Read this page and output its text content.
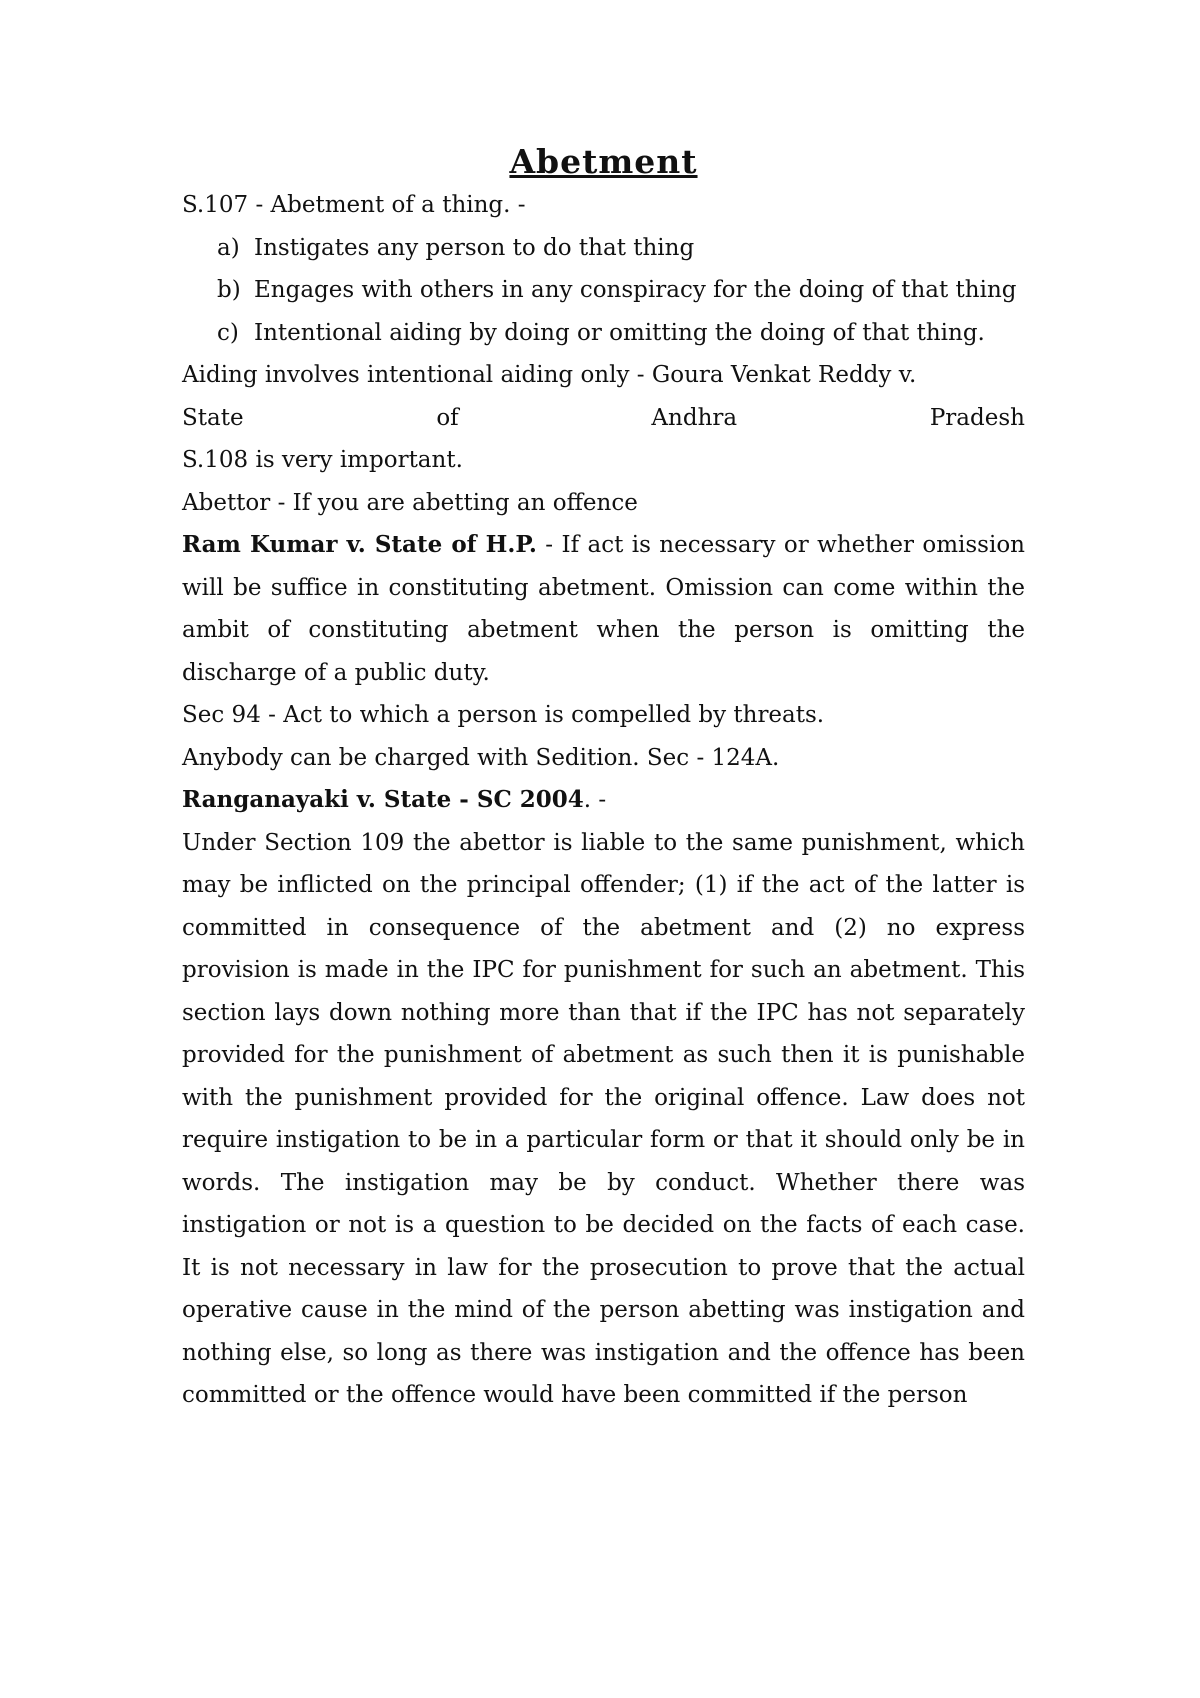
Abetment

S.107 - Abetment of a thing. -

a) Instigates any person to do that thing
b) Engages with others in any conspiracy for the doing of that thing
c) Intentional aiding by doing or omitting the doing of that thing.

Aiding involves intentional aiding only - Goura Venkat Reddy v.

State	of	Andhra	Pradesh

S.108 is very important.

Abettor - If you are abetting an offence

Ram Kumar v. State of H.P. - If act is necessary or whether omission will be suffice in constituting abetment. Omission can come within the ambit of constituting abetment when the person is omitting the discharge of a public duty.

Sec 94 - Act to which a person is compelled by threats.

Anybody can be charged with Sedition. Sec - 124A.

Ranganayaki v. State - SC 2004. -

Under Section 109 the abettor is liable to the same punishment, which may be inflicted on the principal offender; (1) if the act of the latter is committed in consequence of the abetment and (2) no express provision is made in the IPC for punishment for such an abetment. This section lays down nothing more than that if the IPC has not separately provided for the punishment of abetment as such then it is punishable with the punishment provided for the original offence. Law does not require instigation to be in a particular form or that it should only be in words. The instigation may be by conduct. Whether there was instigation or not is a question to be decided on the facts of each case. It is not necessary in law for the prosecution to prove that the actual operative cause in the mind of the person abetting was instigation and nothing else, so long as there was instigation and the offence has been committed or the offence would have been committed if the person
